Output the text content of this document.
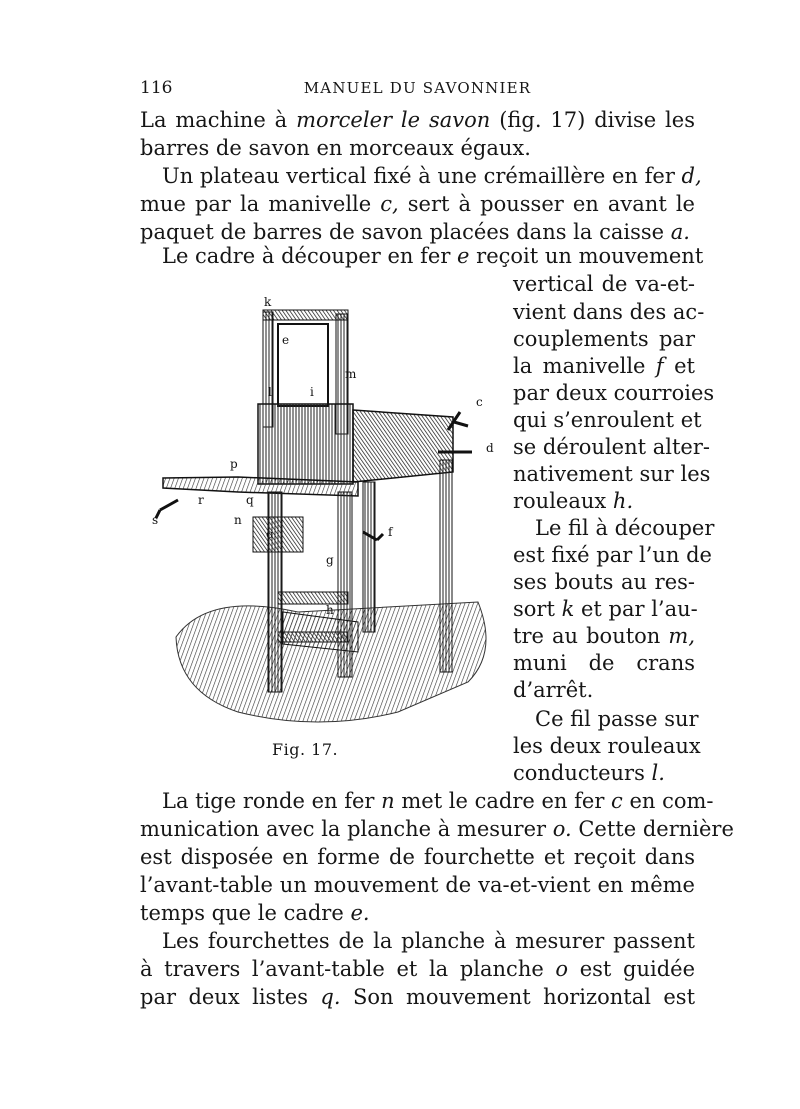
116	MANUEL DU SAVONNIER
La machine à morceler le savon (fig. 17) divise les
barres de savon en morceaux égaux.
Un plateau vertical fixé à une crémaillère en fer d,
mue par la manivelle c, sert à pousser en avant le
paquet de barres de savon placées dans la caisse a.
Le cadre à découper en fer e reçoit un mouvement
vertical de va-et-
vient dans des ac-
couplements par
la manivelle f et
par deux courroies
qui s’enroulent et
se déroulent alter-
nativement sur les
rouleaux h.
Le fil à découper
est fixé par l’un de
ses bouts au res-
sort k et par l’au-
tre au bouton m,
muni de crans
d’arrêt.
Ce fil passe sur
les deux rouleaux
conducteurs l.
k
e
m
l	i
c
d
p
r	q
s	n
o
g
f
h
Fig. 17.
La tige ronde en fer n met le cadre en fer c en com-
munication avec la planche à mesurer o. Cette dernière
est disposée en forme de fourchette et reçoit dans
l’avant-table un mouvement de va-et-vient en même
temps que le cadre e.
Les fourchettes de la planche à mesurer passent
à travers l’avant-table et la planche o est guidée
par deux listes q. Son mouvement horizontal est
